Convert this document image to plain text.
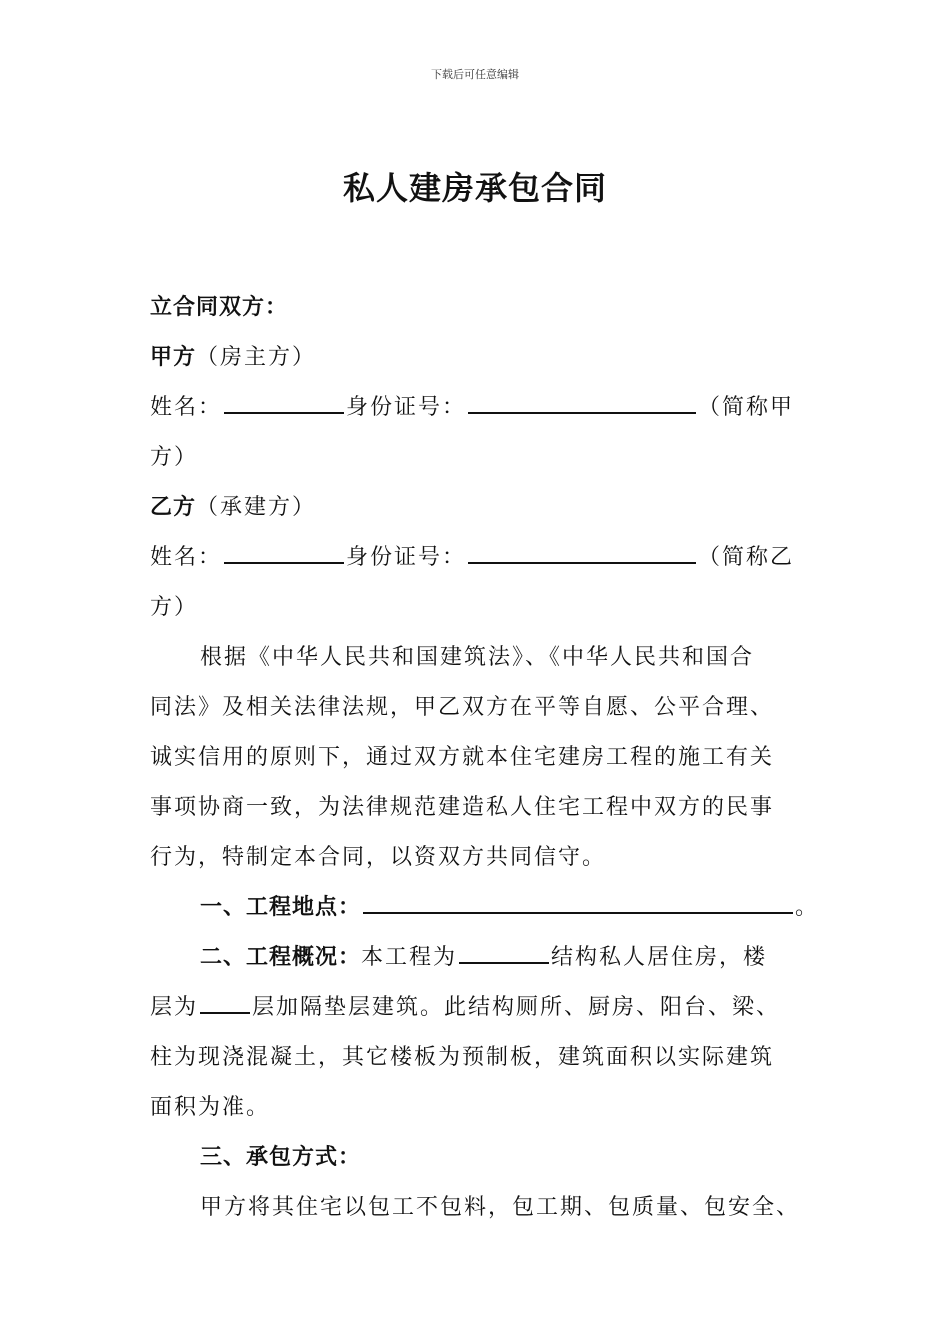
下载后可任意编辑
私人建房承包合同
立合同双方：
甲方（房主方）
姓名：	身份证号：	（简称甲
方）
乙方（承建方）
姓名：	身份证号：	（简称乙
方）
根据《中华人民共和国建筑法》、《中华人民共和国合
同法》及相关法律法规，甲乙双方在平等自愿、公平合理、
诚实信用的原则下，通过双方就本住宅建房工程的施工有关
事项协商一致，为法律规范建造私人住宅工程中双方的民事
行为，特制定本合同，以资双方共同信守。
一、工程地点：	。
二、工程概况：本工程为	结构私人居住房，楼
层为 层加隔垫层建筑。此结构厕所、厨房、阳台、梁、
柱为现浇混凝土，其它楼板为预制板，建筑面积以实际建筑
面积为准。
三、承包方式：
甲方将其住宅以包工不包料，包工期、包质量、包安全、
